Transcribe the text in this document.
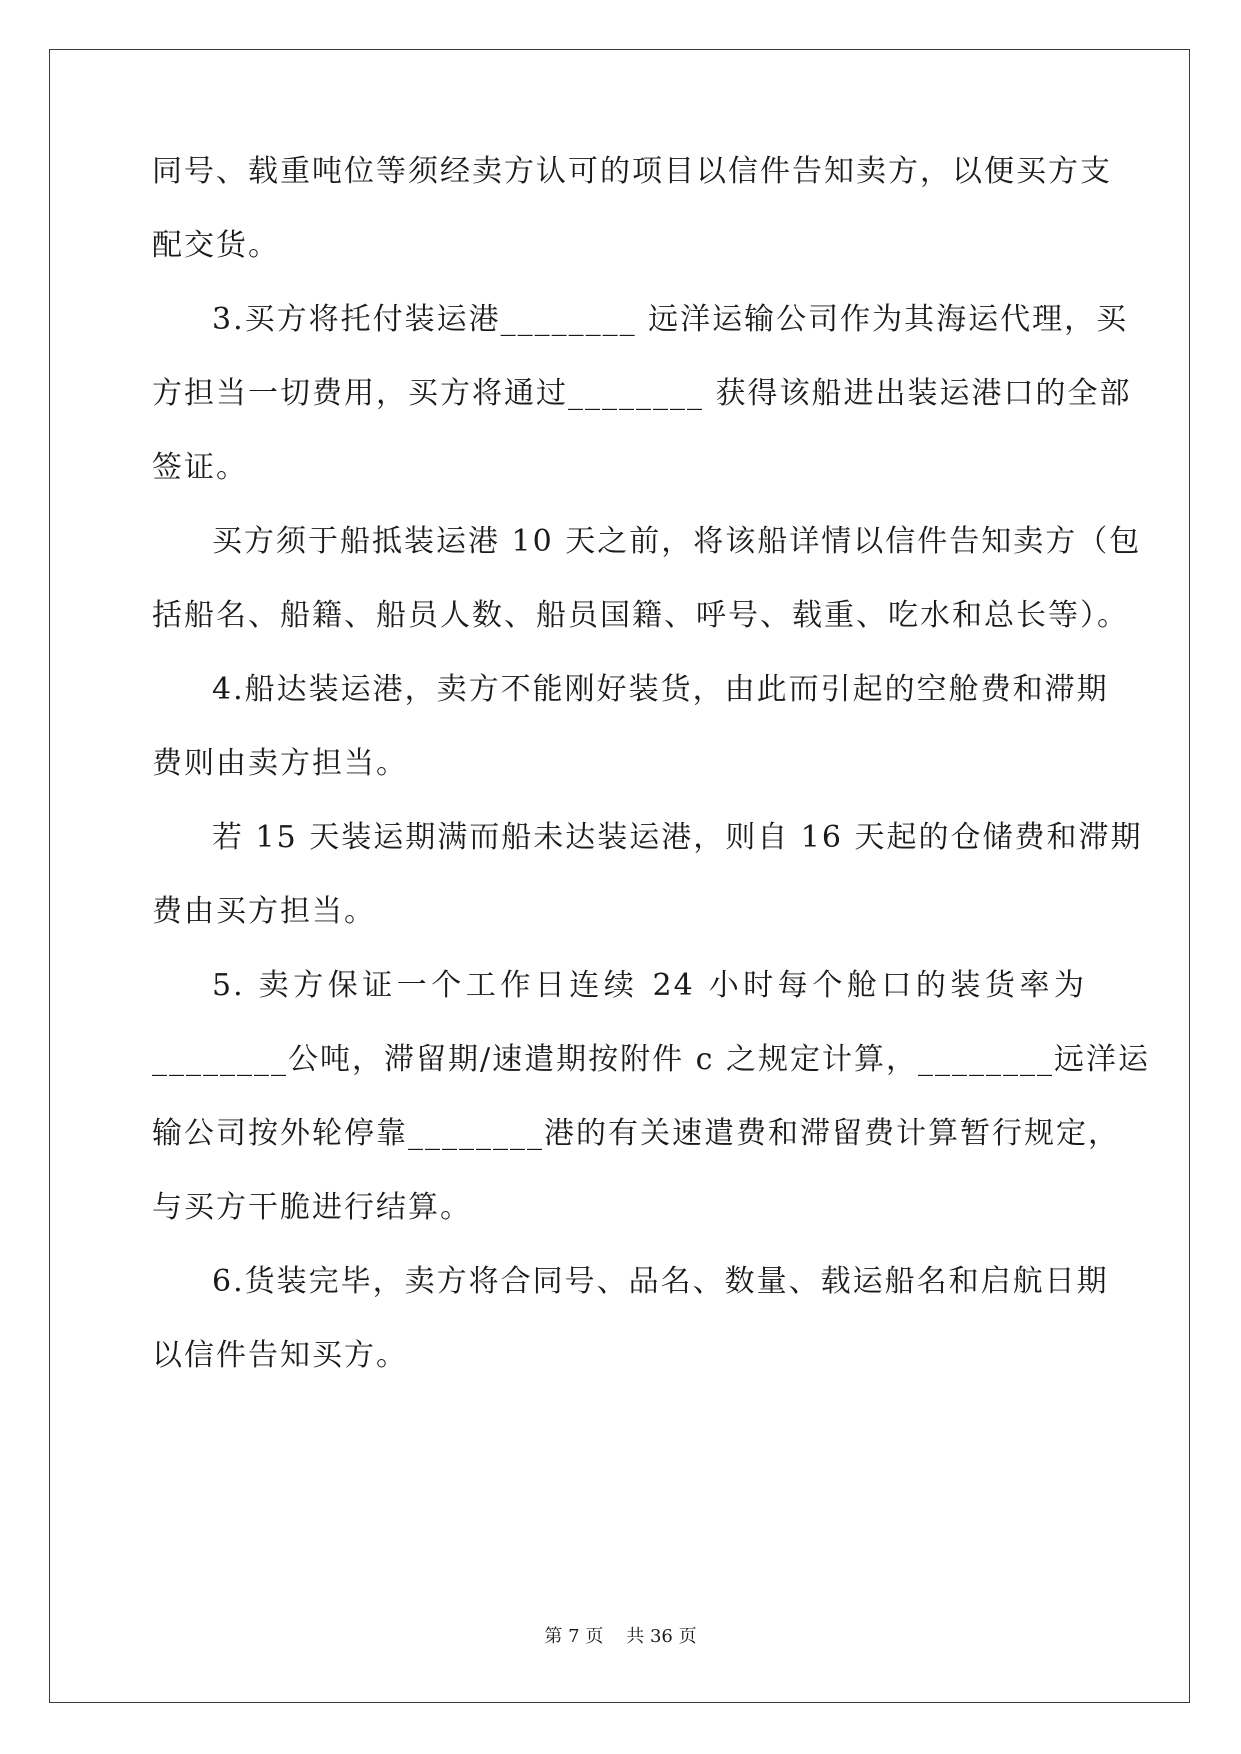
同号、载重吨位等须经卖方认可的项目以信件告知卖方，以便买方支
配交货。
3.买方将托付装运港________ 远洋运输公司作为其海运代理，买
方担当一切费用，买方将通过________ 获得该船进出装运港口的全部
签证。
买方须于船抵装运港 10 天之前，将该船详情以信件告知卖方（包
括船名、船籍、船员人数、船员国籍、呼号、载重、吃水和总长等）。
4.船达装运港，卖方不能刚好装货，由此而引起的空舱费和滞期
费则由卖方担当。
若 15 天装运期满而船未达装运港，则自 16 天起的仓储费和滞期
费由买方担当。
5. 卖方保证一个工作日连续 24 小时每个舱口的装货率为
________公吨，滞留期/速遣期按附件 c 之规定计算，________远洋运
输公司按外轮停靠________港的有关速遣费和滞留费计算暂行规定，
与买方干脆进行结算。
6.货装完毕，卖方将合同号、品名、数量、载运船名和启航日期
以信件告知买方。
第 7 页 共 36 页
